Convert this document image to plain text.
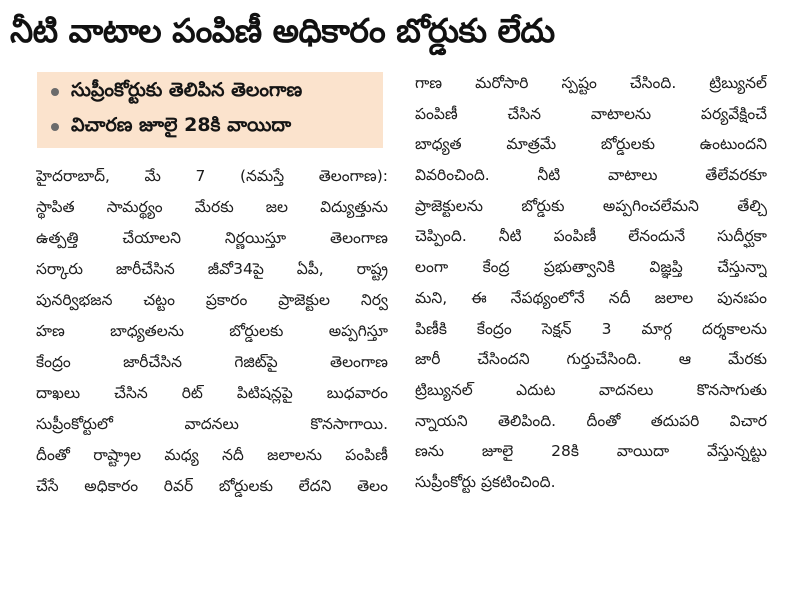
నీటి వాటాల పంపిణీ అధికారం బోర్డుకు లేదు
సుప్రీంకోర్టుకు తెలిపిన తెలంగాణ
విచారణ జూలై 28కి వాయిదా
హైదరాబాద్, మే 7 (నమస్తే తెలంగాణ):
స్థాపిత సామర్థ్యం మేరకు జల విద్యుత్తును
ఉత్పత్తి చేయాలని నిర్ణయిస్తూ తెలంగాణ
సర్కారు జారీచేసిన జీవో34పై ఏపీ, రాష్ట్ర
పునర్విభజన చట్టం ప్రకారం ప్రాజెక్టుల నిర్వ
హణ బాధ్యతలను బోర్డులకు అప్పగిస్తూ
కేంద్రం జారీచేసిన గెజిట్‌పై తెలంగాణ
దాఖలు చేసిన రిట్ పిటిషన్లపై బుధవారం
సుప్రీంకోర్టులో వాదనలు కొనసాగాయి.
దీంతో రాష్ట్రాల మధ్య నదీ జలాలను పంపిణీ
చేసే అధికారం రివర్ బోర్డులకు లేదని తెలం
గాణ మరోసారి స్పష్టం చేసింది. ట్రిబ్యునల్
పంపిణీ చేసిన వాటాలను పర్యవేక్షించే
బాధ్యత మాత్రమే బోర్డులకు ఉంటుందని
వివరించింది. నీటి వాటాలు తేలేవరకూ
ప్రాజెక్టులను బోర్డుకు అప్పగించలేమని తేల్చి
చెప్పింది. నీటి పంపిణీ లేనందునే సుదీర్ఘకా
లంగా కేంద్ర ప్రభుత్వానికి విజ్ఞప్తి చేస్తున్నా
మని, ఈ నేపథ్యంలోనే నదీ జలాల పునఃపం
పిణీకి కేంద్రం సెక్షన్ 3 మార్గ దర్శకాలను
జారీ చేసిందని గుర్తుచేసింది. ఆ మేరకు
ట్రిబ్యునల్ ఎదుట వాదనలు కొనసాగుతు
న్నాయని తెలిపింది. దీంతో తదుపరి విచార
ణను జూలై 28కి వాయిదా వేస్తున్నట్టు
సుప్రీంకోర్టు ప్రకటించింది.
